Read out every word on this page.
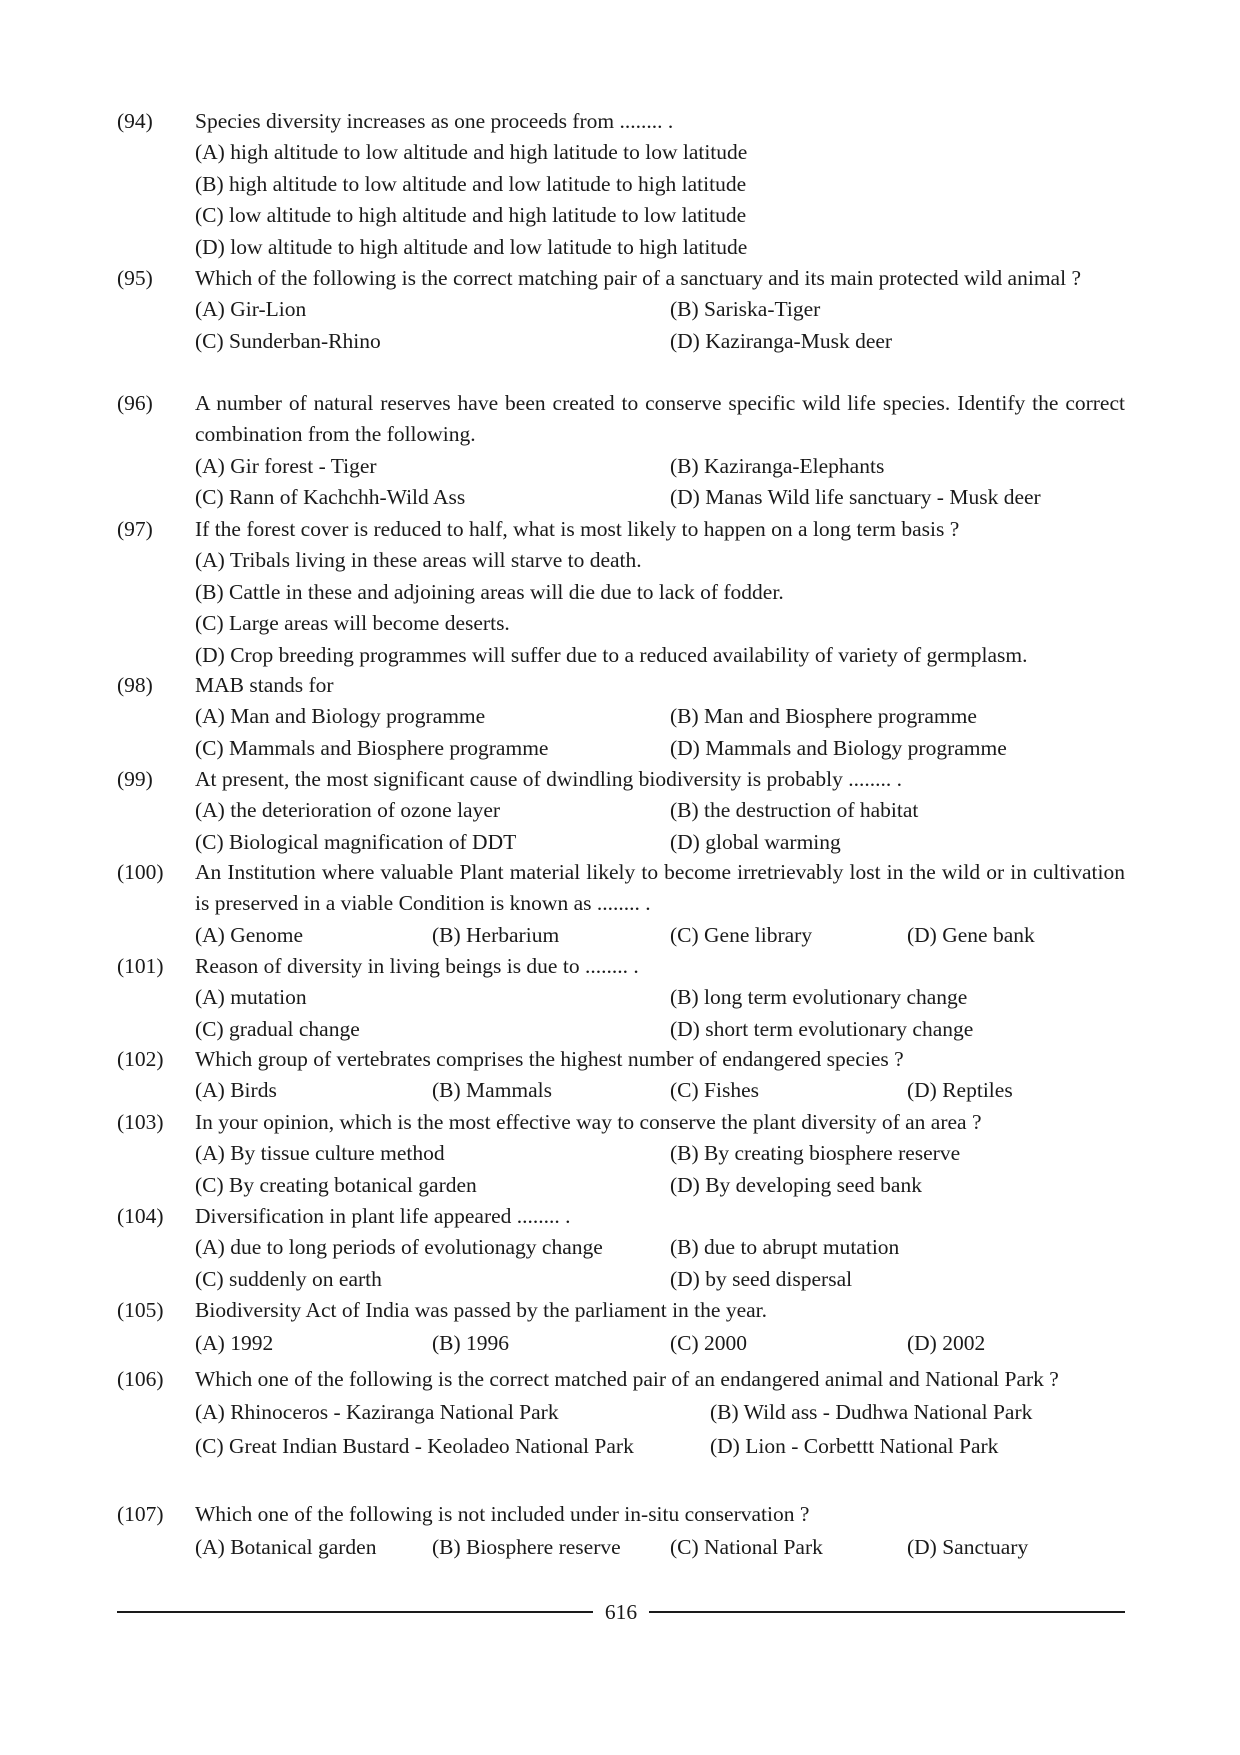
(94)	Species diversity increases as one proceeds from ........ .
(A) high altitude to low altitude and high latitude to low latitude
(B) high altitude to low altitude and low latitude to high latitude
(C) low altitude to high altitude and high latitude to low latitude
(D) low altitude to high altitude and low latitude to high latitude
(95)	Which of the following is the correct matching pair of a sanctuary and its main protected wild animal ?
(A) Gir-Lion	(B) Sariska-Tiger
(C) Sunderban-Rhino	(D) Kaziranga-Musk deer
(96)	A number of natural reserves have been created to conserve specific wild life species. Identify the correct combination from the following.
(A) Gir forest - Tiger	(B) Kaziranga-Elephants
(C) Rann of Kachchh-Wild Ass	(D) Manas Wild life sanctuary - Musk deer
(97)	If the forest cover is reduced to half, what is most likely to happen on a long term basis ?
(A) Tribals living in these areas will starve to death.
(B) Cattle in these and adjoining areas will die due to lack of fodder.
(C) Large areas will become deserts.
(D) Crop breeding programmes will suffer due to a reduced availability of variety of germplasm.
(98)	MAB stands for
(A) Man and Biology programme	(B) Man and Biosphere programme
(C) Mammals and Biosphere programme	(D) Mammals and Biology programme
(99)	At present, the most significant cause of dwindling biodiversity is probably ........ .
(A) the deterioration of ozone layer	(B) the destruction of habitat
(C) Biological magnification of DDT	(D) global warming
(100)	An Institution where valuable Plant material likely to become irretrievably lost in the wild or in cultivation is preserved in a viable Condition is known as ........ .
(A) Genome	(B) Herbarium	(C) Gene library	(D) Gene bank
(101)	Reason of diversity in living beings is due to ........ .
(A) mutation	(B) long term evolutionary change
(C) gradual change	(D) short term evolutionary change
(102)	Which group of vertebrates comprises the highest number of endangered species ?
(A) Birds	(B) Mammals	(C) Fishes	(D) Reptiles
(103)	In your opinion, which is the most effective way to conserve the plant diversity of an area ?
(A) By tissue culture method	(B) By creating biosphere reserve
(C) By creating botanical garden	(D) By developing seed bank
(104)	Diversification in plant life appeared ........ .
(A) due to long periods of evolutionagy change	(B) due to abrupt mutation
(C) suddenly on earth	(D) by seed dispersal
(105)	Biodiversity Act of India was passed by the parliament in the year.
(A) 1992	(B) 1996	(C) 2000	(D) 2002
(106)	Which one of the following is the correct matched pair of an endangered animal and National Park ?
(A) Rhinoceros - Kaziranga National Park	(B) Wild ass - Dudhwa National Park
(C) Great Indian Bustard - Keoladeo National Park	(D) Lion - Corbettt National Park
(107)	Which one of the following is not included under in-situ conservation ?
(A) Botanical garden	(B) Biosphere reserve	(C) National Park	(D) Sanctuary
616
